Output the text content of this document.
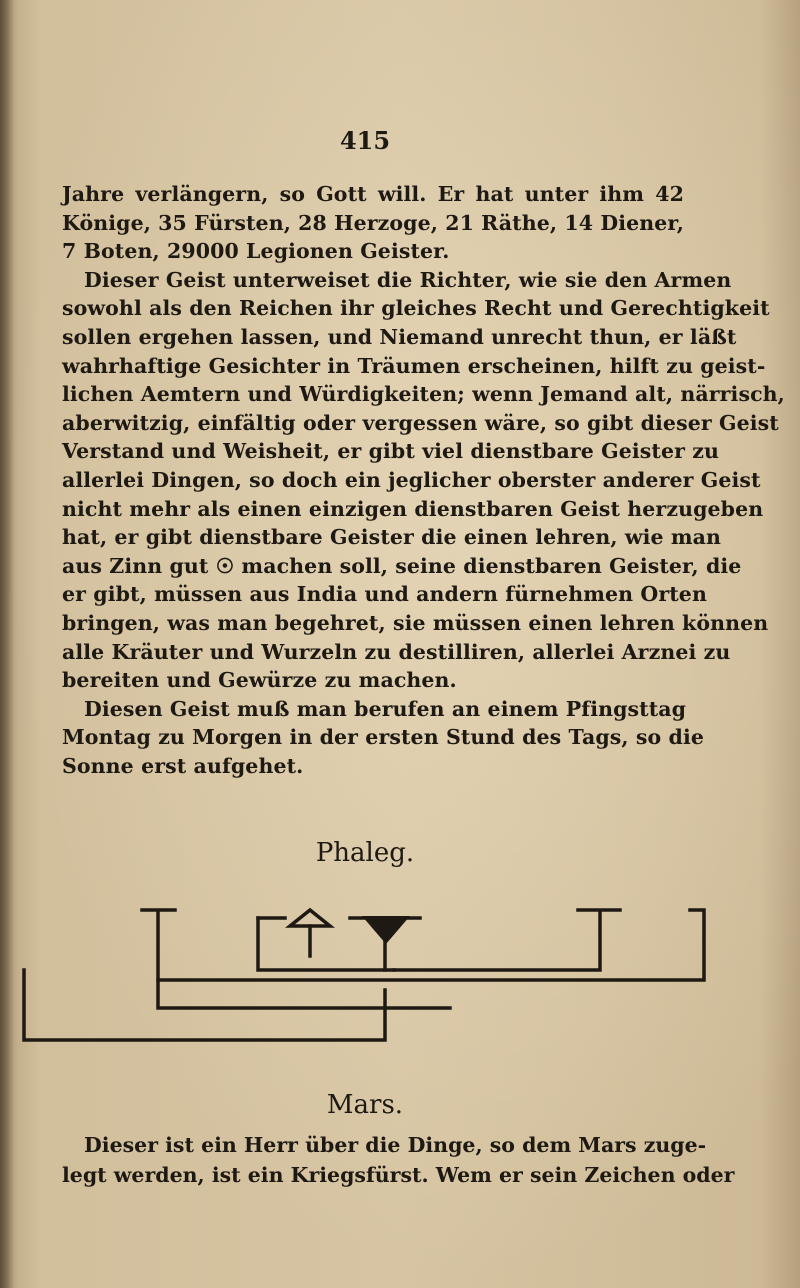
415
Jahre verlängern, so Gott will. Er hat unter ihm 42
Könige, 35 Fürsten, 28 Herzoge, 21 Räthe, 14 Diener,
7 Boten, 29000 Legionen Geister.
Dieser Geist unterweiset die Richter, wie sie den Armen
sowohl als den Reichen ihr gleiches Recht und Gerechtigkeit
sollen ergehen lassen, und Niemand unrecht thun, er läßt
wahrhaftige Gesichter in Träumen erscheinen, hilft zu geist-
lichen Aemtern und Würdigkeiten; wenn Jemand alt, närrisch,
aberwitzig, einfältig oder vergessen wäre, so gibt dieser Geist
Verstand und Weisheit, er gibt viel dienstbare Geister zu
allerlei Dingen, so doch ein jeglicher oberster anderer Geist
nicht mehr als einen einzigen dienstbaren Geist herzugeben
hat, er gibt dienstbare Geister die einen lehren, wie man
aus Zinn gut ☉ machen soll, seine dienstbaren Geister, die
er gibt, müssen aus India und andern fürnehmen Orten
bringen, was man begehret, sie müssen einen lehren können
alle Kräuter und Wurzeln zu destilliren, allerlei Arznei zu
bereiten und Gewürze zu machen.
Diesen Geist muß man berufen an einem Pfingsttag
Montag zu Morgen in der ersten Stund des Tags, so die
Sonne erst aufgehet.
Phaleg.
Mars.
Dieser ist ein Herr über die Dinge, so dem Mars zuge-
legt werden, ist ein Kriegsfürst. Wem er sein Zeichen oder
